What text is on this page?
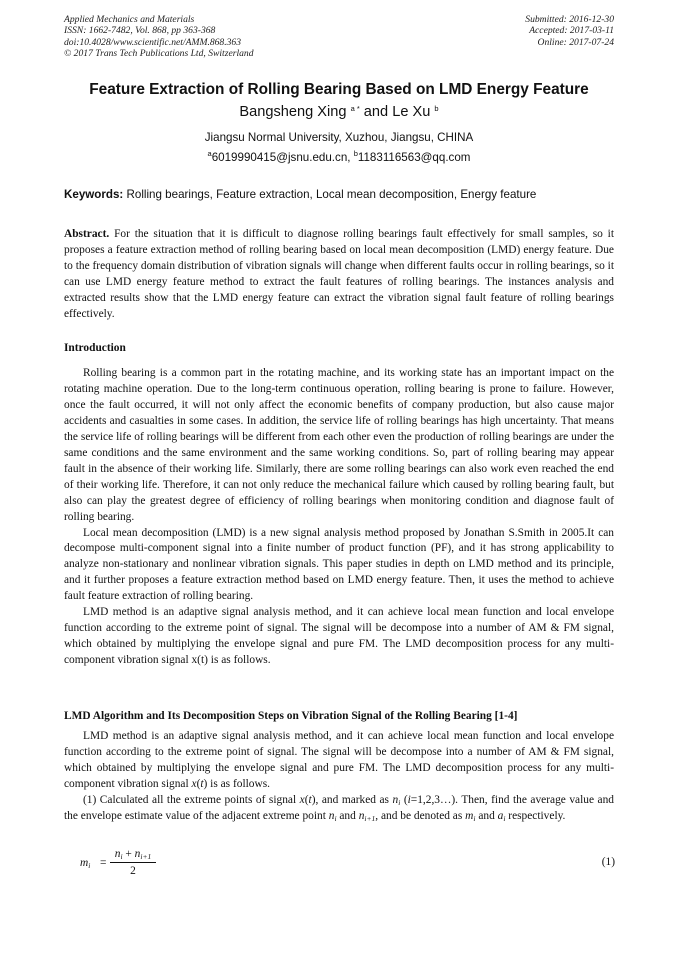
Applied Mechanics and Materials
ISSN: 1662-7482, Vol. 868, pp 363-368
doi:10.4028/www.scientific.net/AMM.868.363
© 2017 Trans Tech Publications Ltd, Switzerland
Submitted: 2016-12-30
Accepted: 2017-03-11
Online: 2017-07-24
Feature Extraction of Rolling Bearing Based on LMD Energy Feature
Bangsheng Xing $^{a *}$ and Le Xu $^b$
Jiangsu Normal University, Xuzhou, Jiangsu, CHINA
$^a$6019990415@jsnu.edu.cn, $^b$1183116563@qq.com
Keywords: Rolling bearings, Feature extraction, Local mean decomposition, Energy feature

Abstract. For the situation that it is difficult to diagnose rolling bearings fault effectively for small samples, so it proposes a feature extraction method of rolling bearing based on local mean decomposition (LMD) energy feature. Due to the frequency domain distribution of vibration signals will change when different faults occur in rolling bearings, so it can use LMD energy feature method to extract the fault features of rolling bearings. The instances analysis and extracted results show that the LMD energy feature can extract the vibration signal fault feature of rolling bearings effectively.

Introduction

Rolling bearing is a common part in the rotating machine, and its working state has an important impact on the rotating machine operation. Due to the long-term continuous operation, rolling bearing is prone to failure. However, once the fault occurred, it will not only affect the economic benefits of company production, but also cause major accidents and casualties in some cases. In addition, the service life of rolling bearings has high uncertainty. That means the service life of rolling bearings will be different from each other even the production of rolling bearings are under the same conditions and the same environment and the same working conditions. So, part of rolling bearing may appear fault in the absence of their working life. Similarly, there are some rolling bearings can also work even reached the end of their working life. Therefore, it can not only reduce the mechanical failure which caused by rolling bearing fault, but also can play the greatest degree of efficiency of rolling bearings when monitoring condition and diagnose fault of rolling bearing.

Local mean decomposition (LMD) is a new signal analysis method proposed by Jonathan S.Smith in 2005.It can decompose multi-component signal into a finite number of product function (PF), and it has strong applicability to analyze non-stationary and nonlinear vibration signals. This paper studies in depth on LMD method and its principle, and it further proposes a feature extraction method based on LMD energy feature. Then, it uses the method to achieve fault feature extraction of rolling bearing.

LMD method is an adaptive signal analysis method, and it can achieve local mean function and local envelope function according to the extreme point of signal. The signal will be decompose into a number of AM & FM signal, which obtained by multiplying the envelope signal and pure FM. The LMD decomposition process for any multi-component vibration signal x(t) is as follows.

LMD Algorithm and Its Decomposition Steps on Vibration Signal of the Rolling Bearing [1-4]

LMD method is an adaptive signal analysis method, and it can achieve local mean function and local envelope function according to the extreme point of signal. The signal will be decompose into a number of AM & FM signal, which obtained by multiplying the envelope signal and pure FM. The LMD decomposition process for any multi-component vibration signal x(t) is as follows.

(1) Calculated all the extreme points of signal x(t), and marked as $n_i$ (i=1,2,3…). Then, find the average value and the envelope estimate value of the adjacent extreme point $n_i$ and $n_{i+1}$, and be denoted as $m_i$ and $a_i$ respectively.

$m_i$ =
$n_i + n_{i+1}$
2
(1)
